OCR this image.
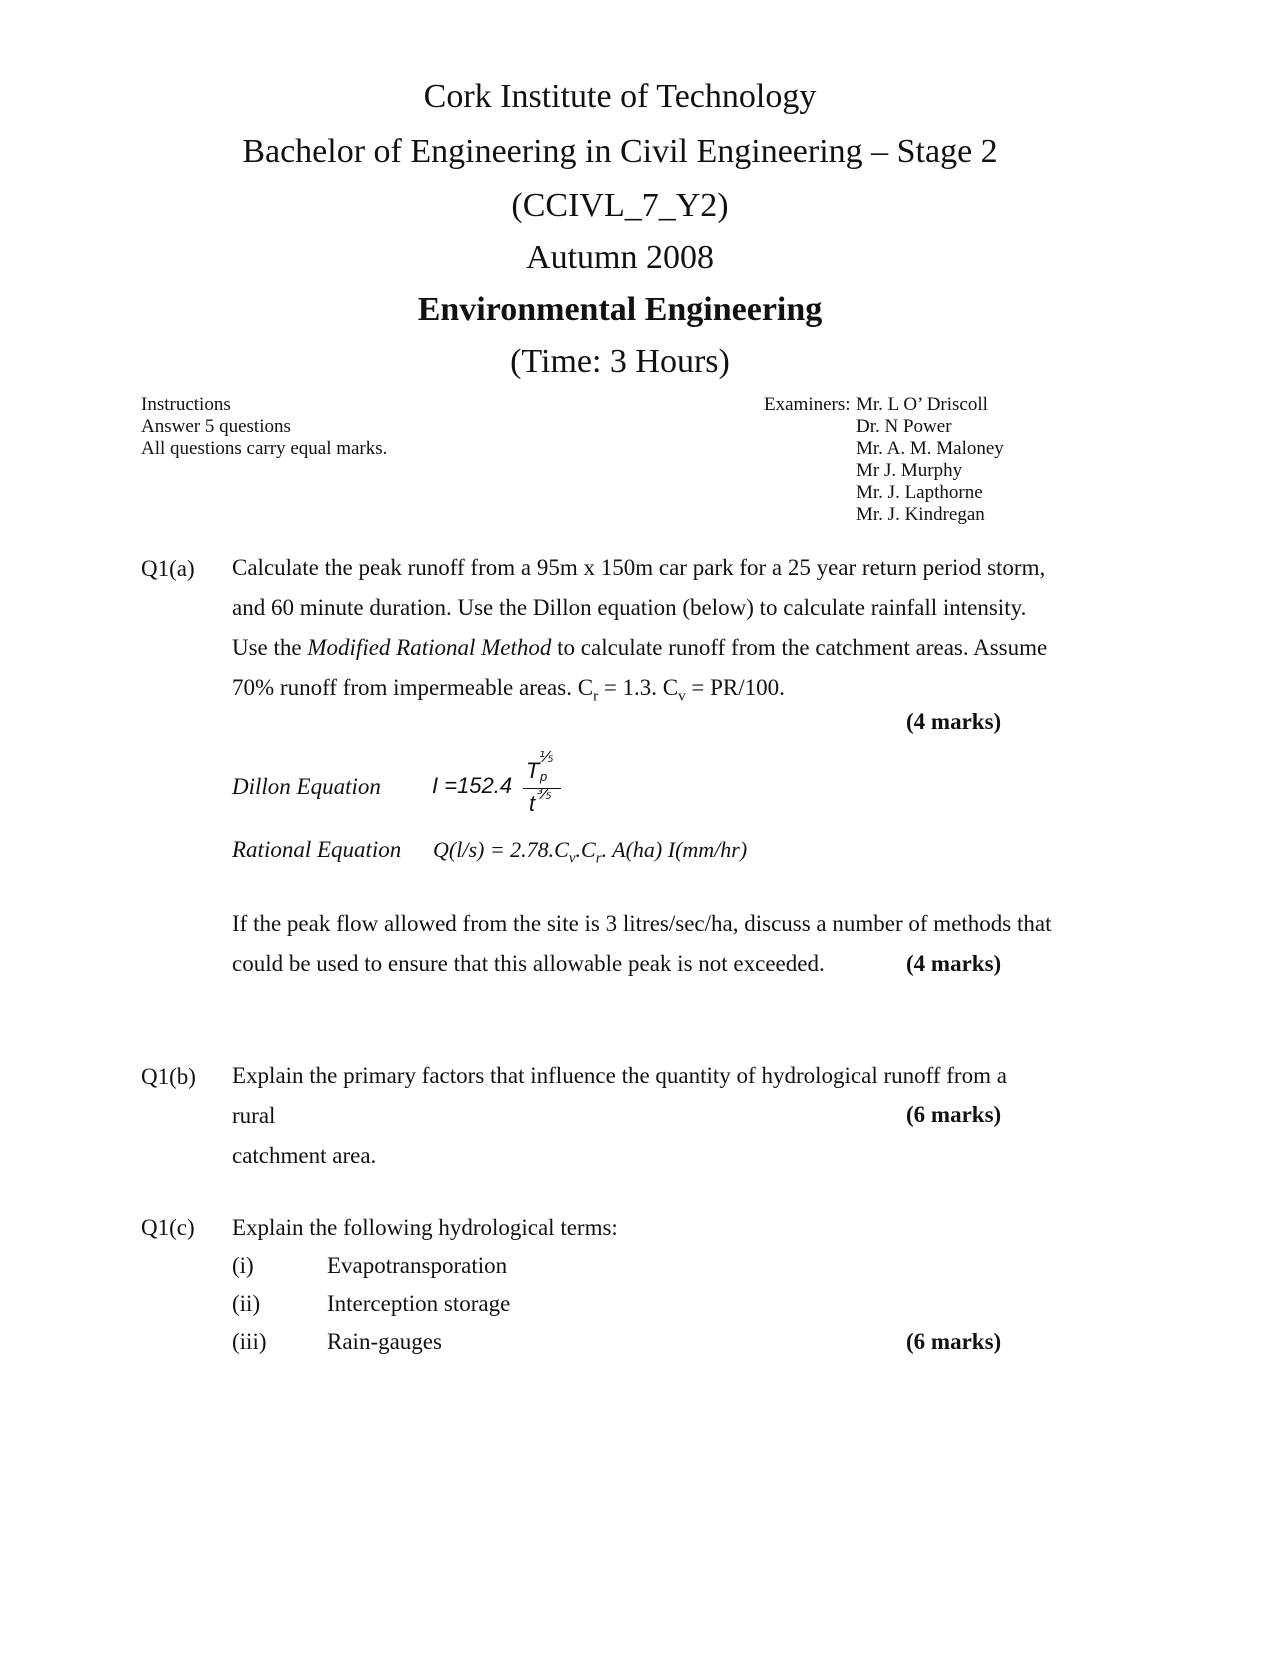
Cork Institute of Technology
Bachelor of Engineering in Civil Engineering – Stage 2
(CCIVL_7_Y2)
Autumn 2008
Environmental Engineering
(Time: 3 Hours)
Instructions
Answer 5 questions
All questions carry equal marks.
Examiners: Mr. L O’ Driscoll
Dr. N Power
Mr. A. M. Maloney
Mr J. Murphy
Mr. J. Lapthorne
Mr. J. Kindregan
Q1(a) Calculate the peak runoff from a 95m x 150m car park for a 25 year return period storm,
and 60 minute duration. Use the Dillon equation (below) to calculate rainfall intensity.
Use the Modified Rational Method to calculate runoff from the catchment areas. Assume
70% runoff from impermeable areas. $C_r = 1.3$. $C_v = PR/100$.
(4 marks)
Dillon Equation I =152.4
T
⅕
p
t ⅗
Rational Equation $Q(l/s) = 2.78.C_v.C_r$. A(ha) I(mm/hr)
If the peak flow allowed from the site is 3 litres/sec/ha, discuss a number of methods that
could be used to ensure that this allowable peak is not exceeded.	(4 marks)
Q1(b) Explain the primary factors that influence the quantity of hydrological runoff from a rural
catchment area.
(6 marks)
Q1(c) Explain the following hydrological terms:
(i)	Evapotransporation
(ii)	Interception storage
(iii)	Rain-gauges	(6 marks)
